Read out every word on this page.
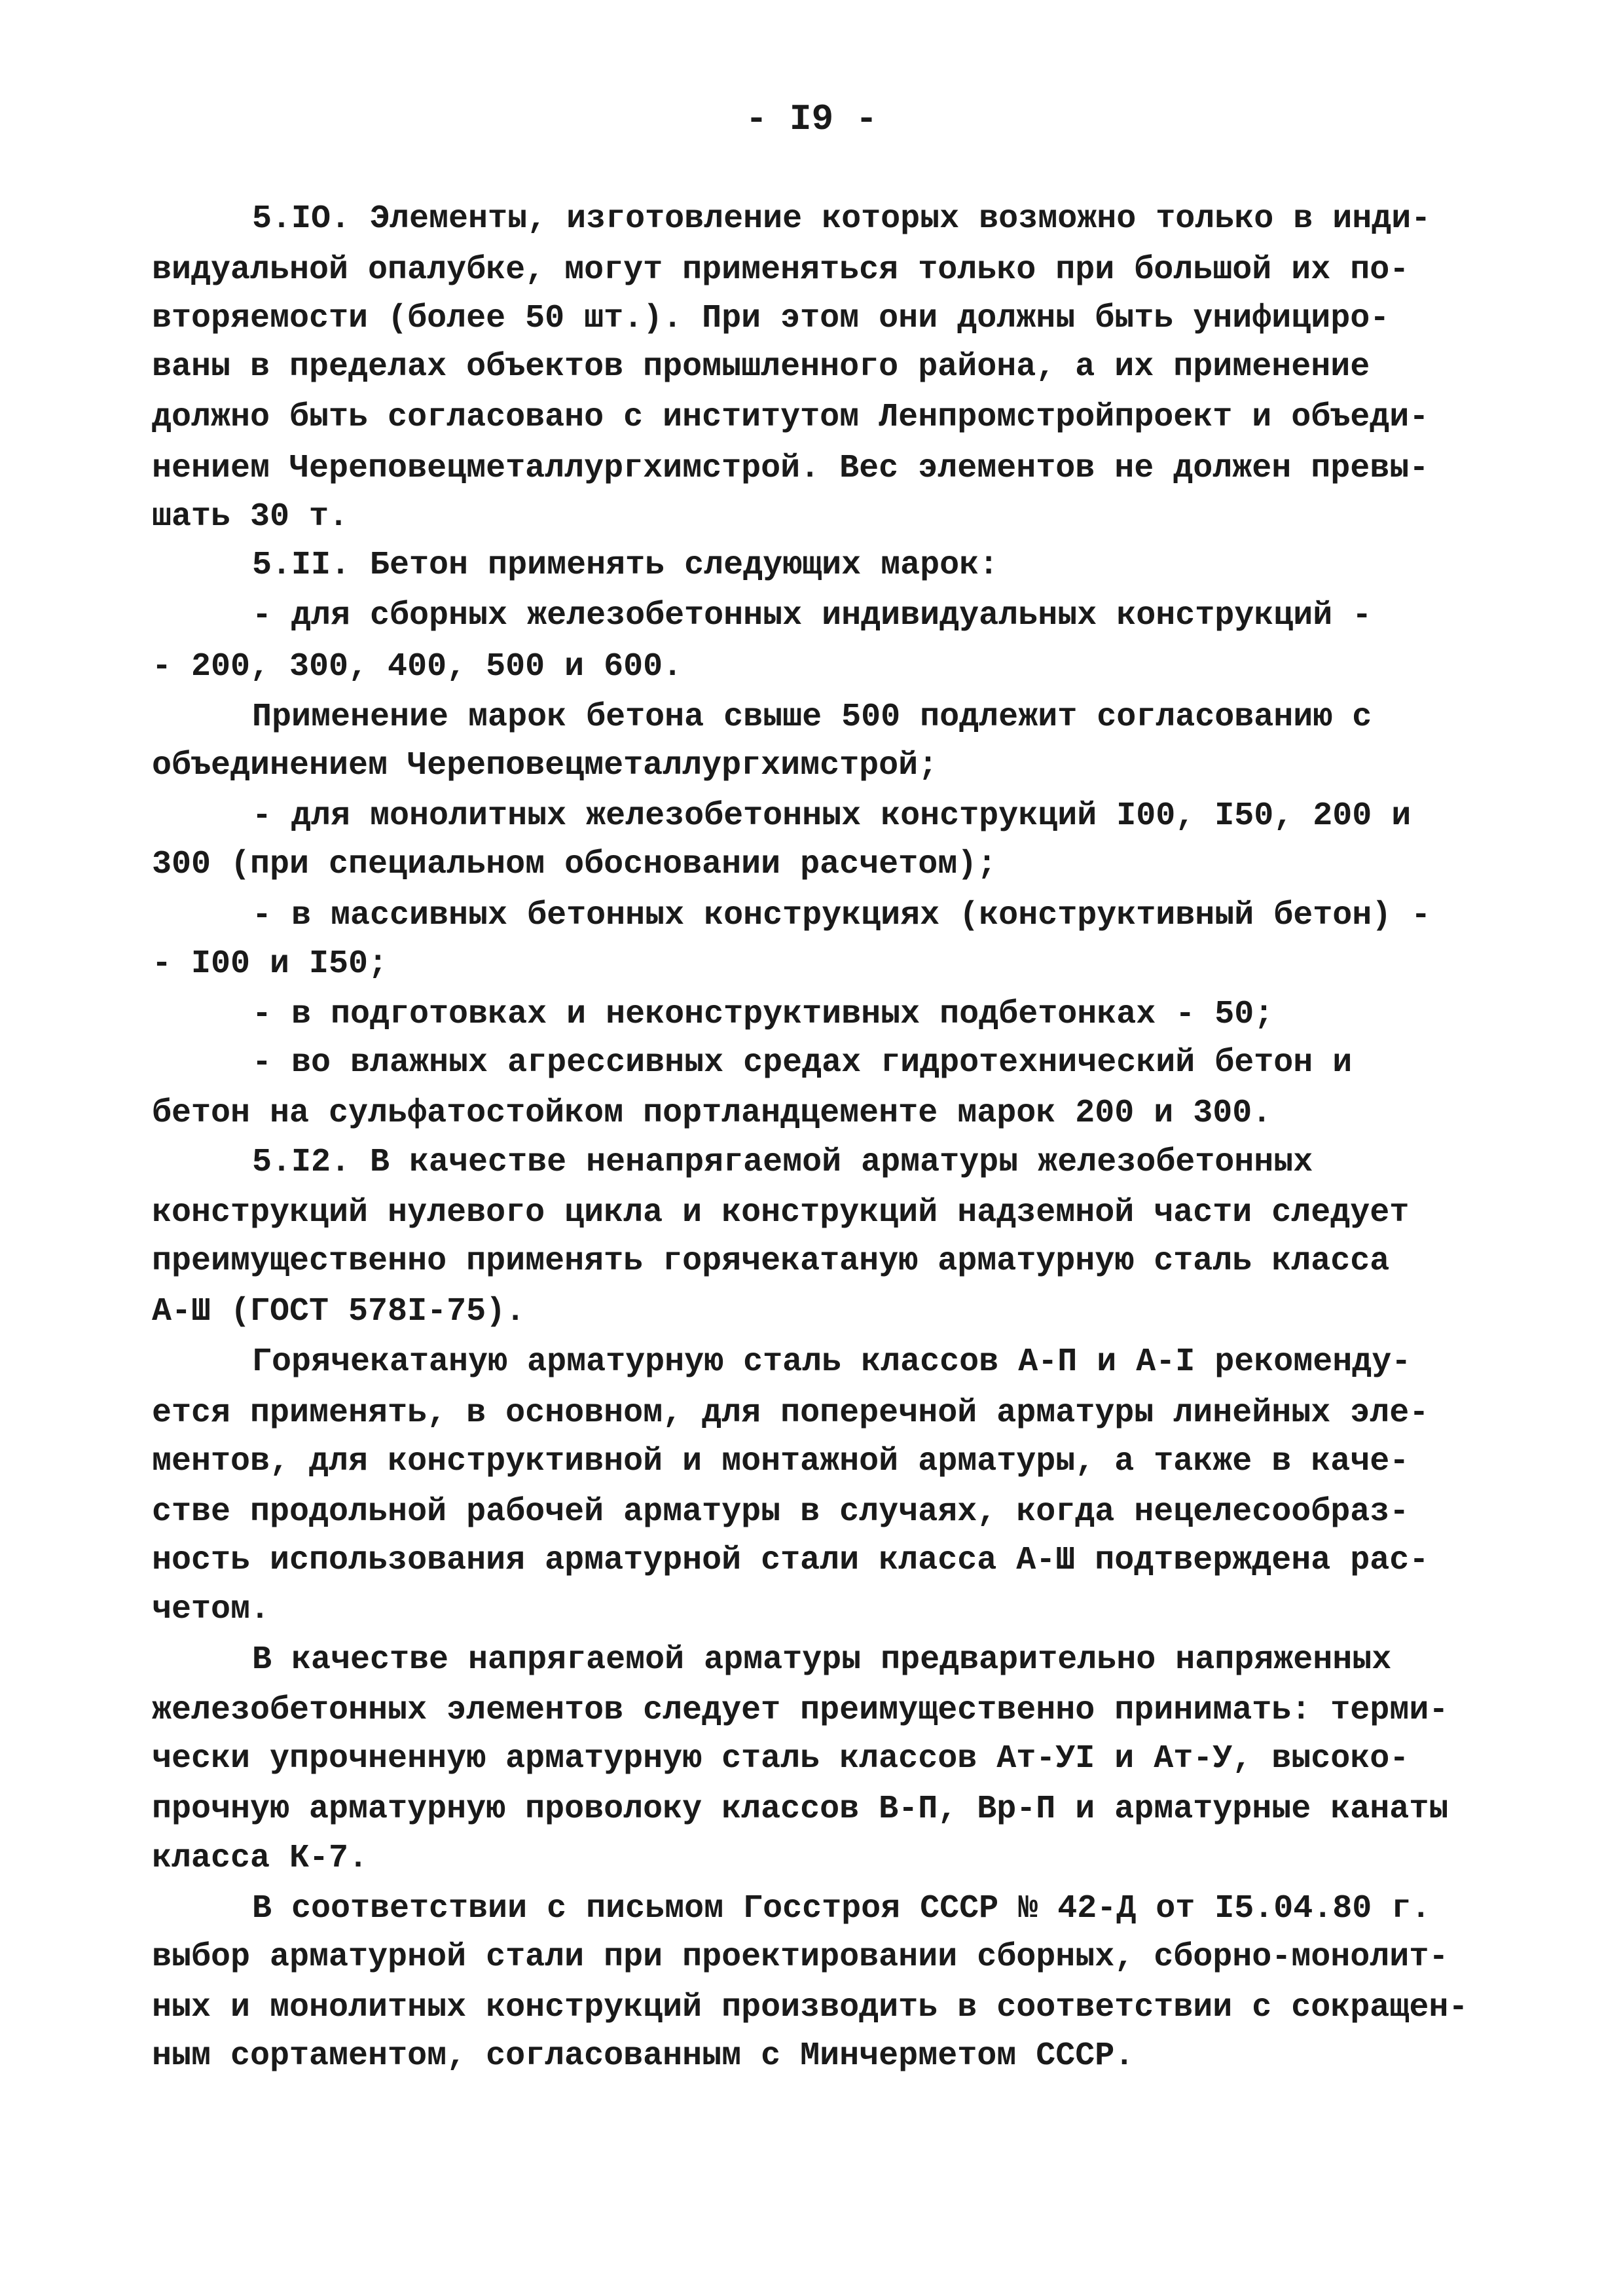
- I9 -
5.IO. Элементы, изготовление которых возможно только в инди-
видуальной опалубке, могут применяться только при большой их по-
вторяемости (более 50 шт.). При этом они должны быть унифициро-
ваны в пределах объектов промышленного района, а их применение
должно быть согласовано с институтом Ленпромстройпроект и объеди-
нением Череповецметаллургхимстрой. Вес элементов не должен превы-
шать 30 т.
5.II. Бетон применять следующих марок:
- для сборных железобетонных индивидуальных конструкций -
- 200, 300, 400, 500 и 600.
Применение марок бетона свыше 500 подлежит согласованию с
объединением Череповецметаллургхимстрой;
- для монолитных железобетонных конструкций I00, I50, 200 и
300 (при специальном обосновании расчетом);
- в массивных бетонных конструкциях (конструктивный бетон) -
- I00 и I50;
- в подготовках и неконструктивных подбетонках - 50;
- во влажных агрессивных средах гидротехнический бетон и
бетон на сульфатостойком портландцементе марок 200 и 300.
5.I2. В качестве ненапрягаемой арматуры железобетонных
конструкций нулевого цикла и конструкций надземной части следует
преимущественно применять горячекатаную арматурную сталь класса
А-Ш (ГОСТ 578I-75).
Горячекатаную арматурную сталь классов А-П и А-I рекоменду-
ется применять, в основном, для поперечной арматуры линейных эле-
ментов, для конструктивной и монтажной арматуры, а также в каче-
стве продольной рабочей арматуры в случаях, когда нецелесообраз-
ность использования арматурной стали класса А-Ш подтверждена рас-
четом.
В качестве напрягаемой арматуры предварительно напряженных
железобетонных элементов следует преимущественно принимать: терми-
чески упрочненную арматурную сталь классов Ат-УI и Ат-У, высоко-
прочную арматурную проволоку классов В-П, Вр-П и арматурные канаты
класса К-7.
В соответствии с письмом Госстроя СССР № 42-Д от I5.04.80 г.
выбор арматурной стали при проектировании сборных, сборно-монолит-
ных и монолитных конструкций производить в соответствии с сокращен-
ным сортаментом, согласованным с Минчерметом СССР.
